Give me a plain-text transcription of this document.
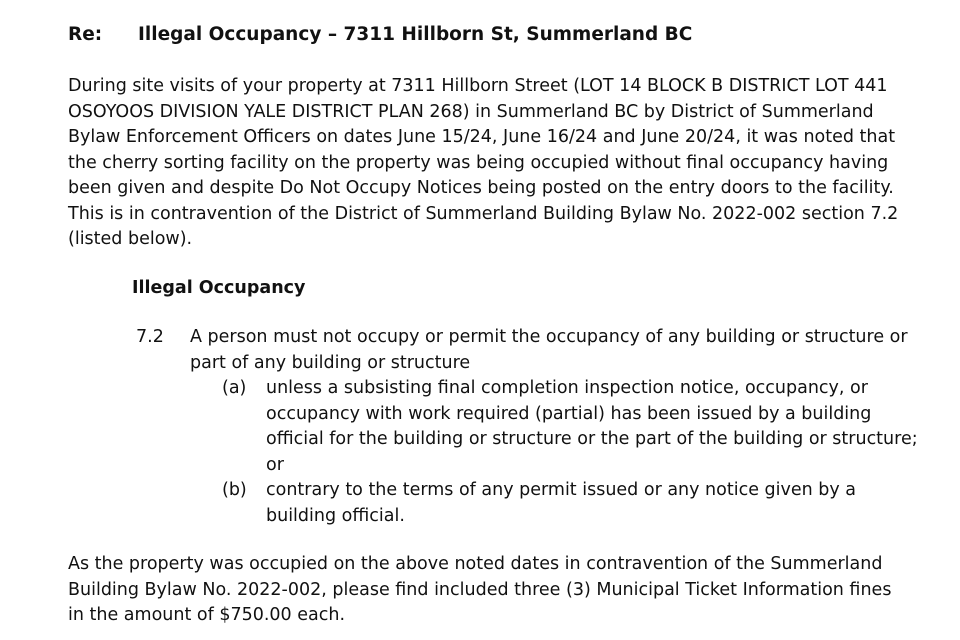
Re: Illegal Occupancy – 7311 Hillborn St, Summerland BC
During site visits of your property at 7311 Hillborn Street (LOT 14 BLOCK B DISTRICT LOT 441
OSOYOOS DIVISION YALE DISTRICT PLAN 268) in Summerland BC by District of Summerland
Bylaw Enforcement Officers on dates June 15/24, June 16/24 and June 20/24, it was noted that
the cherry sorting facility on the property was being occupied without final occupancy having
been given and despite Do Not Occupy Notices being posted on the entry doors to the facility.
This is in contravention of the District of Summerland Building Bylaw No. 2022-002 section 7.2
(listed below).
Illegal Occupancy
7.2 A person must not occupy or permit the occupancy of any building or structure or
part of any building or structure
(a) unless a subsisting final completion inspection notice, occupancy, or
occupancy with work required (partial) has been issued by a building
official for the building or structure or the part of the building or structure;
or
(b) contrary to the terms of any permit issued or any notice given by a
building official.
As the property was occupied on the above noted dates in contravention of the Summerland
Building Bylaw No. 2022-002, please find included three (3) Municipal Ticket Information fines
in the amount of $750.00 each.
